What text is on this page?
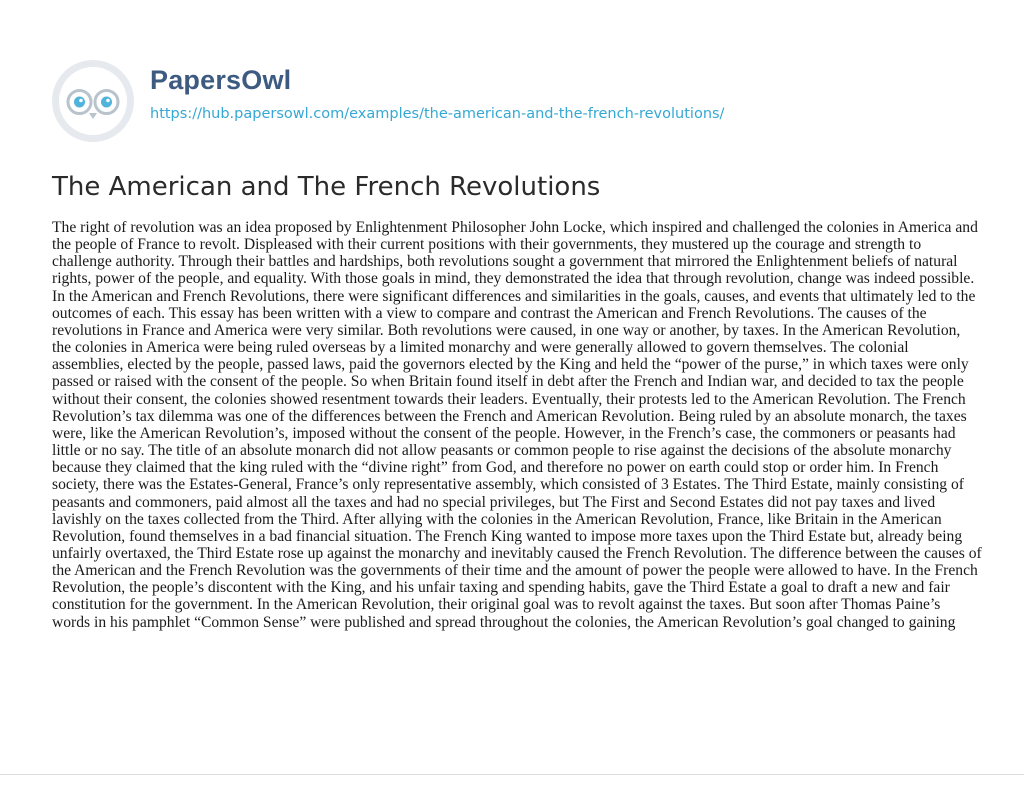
PapersOwl
https://hub.papersowl.com/examples/the-american-and-the-french-revolutions/
The American and The French Revolutions

The right of revolution was an idea proposed by Enlightenment Philosopher John Locke, which inspired and challenged the colonies in America and the people of France to revolt. Displeased with their current positions with their governments, they mustered up the courage and strength to challenge authority. Through their battles and hardships, both revolutions sought a government that mirrored the Enlightenment beliefs of natural rights, power of the people, and equality. With those goals in mind, they demonstrated the idea that through revolution, change was indeed possible. In the American and French Revolutions, there were significant differences and similarities in the goals, causes, and events that ultimately led to the outcomes of each. This essay has been written with a view to compare and contrast the American and French Revolutions. The causes of the revolutions in France and America were very similar. Both revolutions were caused, in one way or another, by taxes. In the American Revolution, the colonies in America were being ruled overseas by a limited monarchy and were generally allowed to govern themselves. The colonial assemblies, elected by the people, passed laws, paid the governors elected by the King and held the “power of the purse,” in which taxes were only passed or raised with the consent of the people. So when Britain found itself in debt after the French and Indian war, and decided to tax the people without their consent, the colonies showed resentment towards their leaders. Eventually, their protests led to the American Revolution. The French Revolution’s tax dilemma was one of the differences between the French and American Revolution. Being ruled by an absolute monarch, the taxes were, like the American Revolution’s, imposed without the consent of the people. However, in the French’s case, the commoners or peasants had little or no say. The title of an absolute monarch did not allow peasants or common people to rise against the decisions of the absolute monarchy because they claimed that the king ruled with the “divine right” from God, and therefore no power on earth could stop or order him. In French society, there was the Estates-General, France’s only representative assembly, which consisted of 3 Estates. The Third Estate, mainly consisting of peasants and commoners, paid almost all the taxes and had no special privileges, but The First and Second Estates did not pay taxes and lived lavishly on the taxes collected from the Third. After allying with the colonies in the American Revolution, France, like Britain in the American Revolution, found themselves in a bad financial situation. The French King wanted to impose more taxes upon the Third Estate but, already being unfairly overtaxed, the Third Estate rose up against the monarchy and inevitably caused the French Revolution. The difference between the causes of the American and the French Revolution was the governments of their time and the amount of power the people were allowed to have. In the French Revolution, the people’s discontent with the King, and his unfair taxing and spending habits, gave the Third Estate a goal to draft a new and fair constitution for the government. In the American Revolution, their original goal was to revolt against the taxes. But soon after Thomas Paine’s words in his pamphlet “Common Sense” were published and spread throughout the colonies, the American Revolution’s goal changed to gaining
